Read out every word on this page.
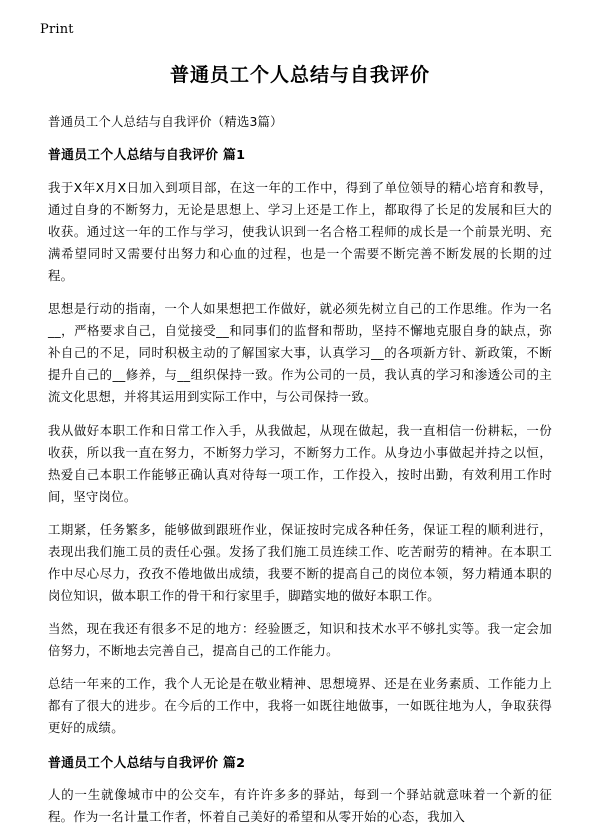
Print
普通员工个人总结与自我评价

普通员工个人总结与自我评价（精选3篇）

普通员工个人总结与自我评价 篇1

我于X年X月X日加入到项目部，在这一年的工作中，得到了单位领导的精心培育和教导，通过自身的不断努力，无论是思想上、学习上还是工作上，都取得了长足的发展和巨大的收获。通过这一年的工作与学习，使我认识到一名合格工程师的成长是一个前景光明、充满希望同时又需要付出努力和心血的过程，也是一个需要不断完善不断发展的长期的过程。

思想是行动的指南，一个人如果想把工作做好，就必须先树立自己的工作思维。作为一名__，严格要求自己，自觉接受__和同事们的监督和帮助，坚持不懈地克服自身的缺点，弥补自己的不足，同时积极主动的了解国家大事，认真学习__的各项新方针、新政策，不断提升自己的__修养，与__组织保持一致。作为公司的一员，我认真的学习和渗透公司的主流文化思想，并将其运用到实际工作中，与公司保持一致。

我从做好本职工作和日常工作入手，从我做起，从现在做起，我一直相信一份耕耘，一份收获，所以我一直在努力，不断努力学习，不断努力工作。从身边小事做起并持之以恒，热爱自己本职工作能够正确认真对待每一项工作，工作投入，按时出勤，有效利用工作时间，坚守岗位。

工期紧，任务繁多，能够做到跟班作业，保证按时完成各种任务，保证工程的顺利进行，表现出我们施工员的责任心强。发扬了我们施工员连续工作、吃苦耐劳的精神。在本职工作中尽心尽力，孜孜不倦地做出成绩，我要不断的提高自己的岗位本领，努力精通本职的岗位知识，做本职工作的骨干和行家里手，脚踏实地的做好本职工作。

当然，现在我还有很多不足的地方：经验匮乏，知识和技术水平不够扎实等。我一定会加倍努力，不断地去完善自己，提高自己的工作能力。

总结一年来的工作，我个人无论是在敬业精神、思想境界、还是在业务素质、工作能力上都有了很大的进步。在今后的工作中，我将一如既往地做事，一如既往地为人，争取获得更好的成绩。

普通员工个人总结与自我评价 篇2

人的一生就像城市中的公交车，有许许多多的驿站，每到一个驿站就意味着一个新的征程。作为一名计量工作者，怀着自己美好的希望和从零开始的心态，我加入
